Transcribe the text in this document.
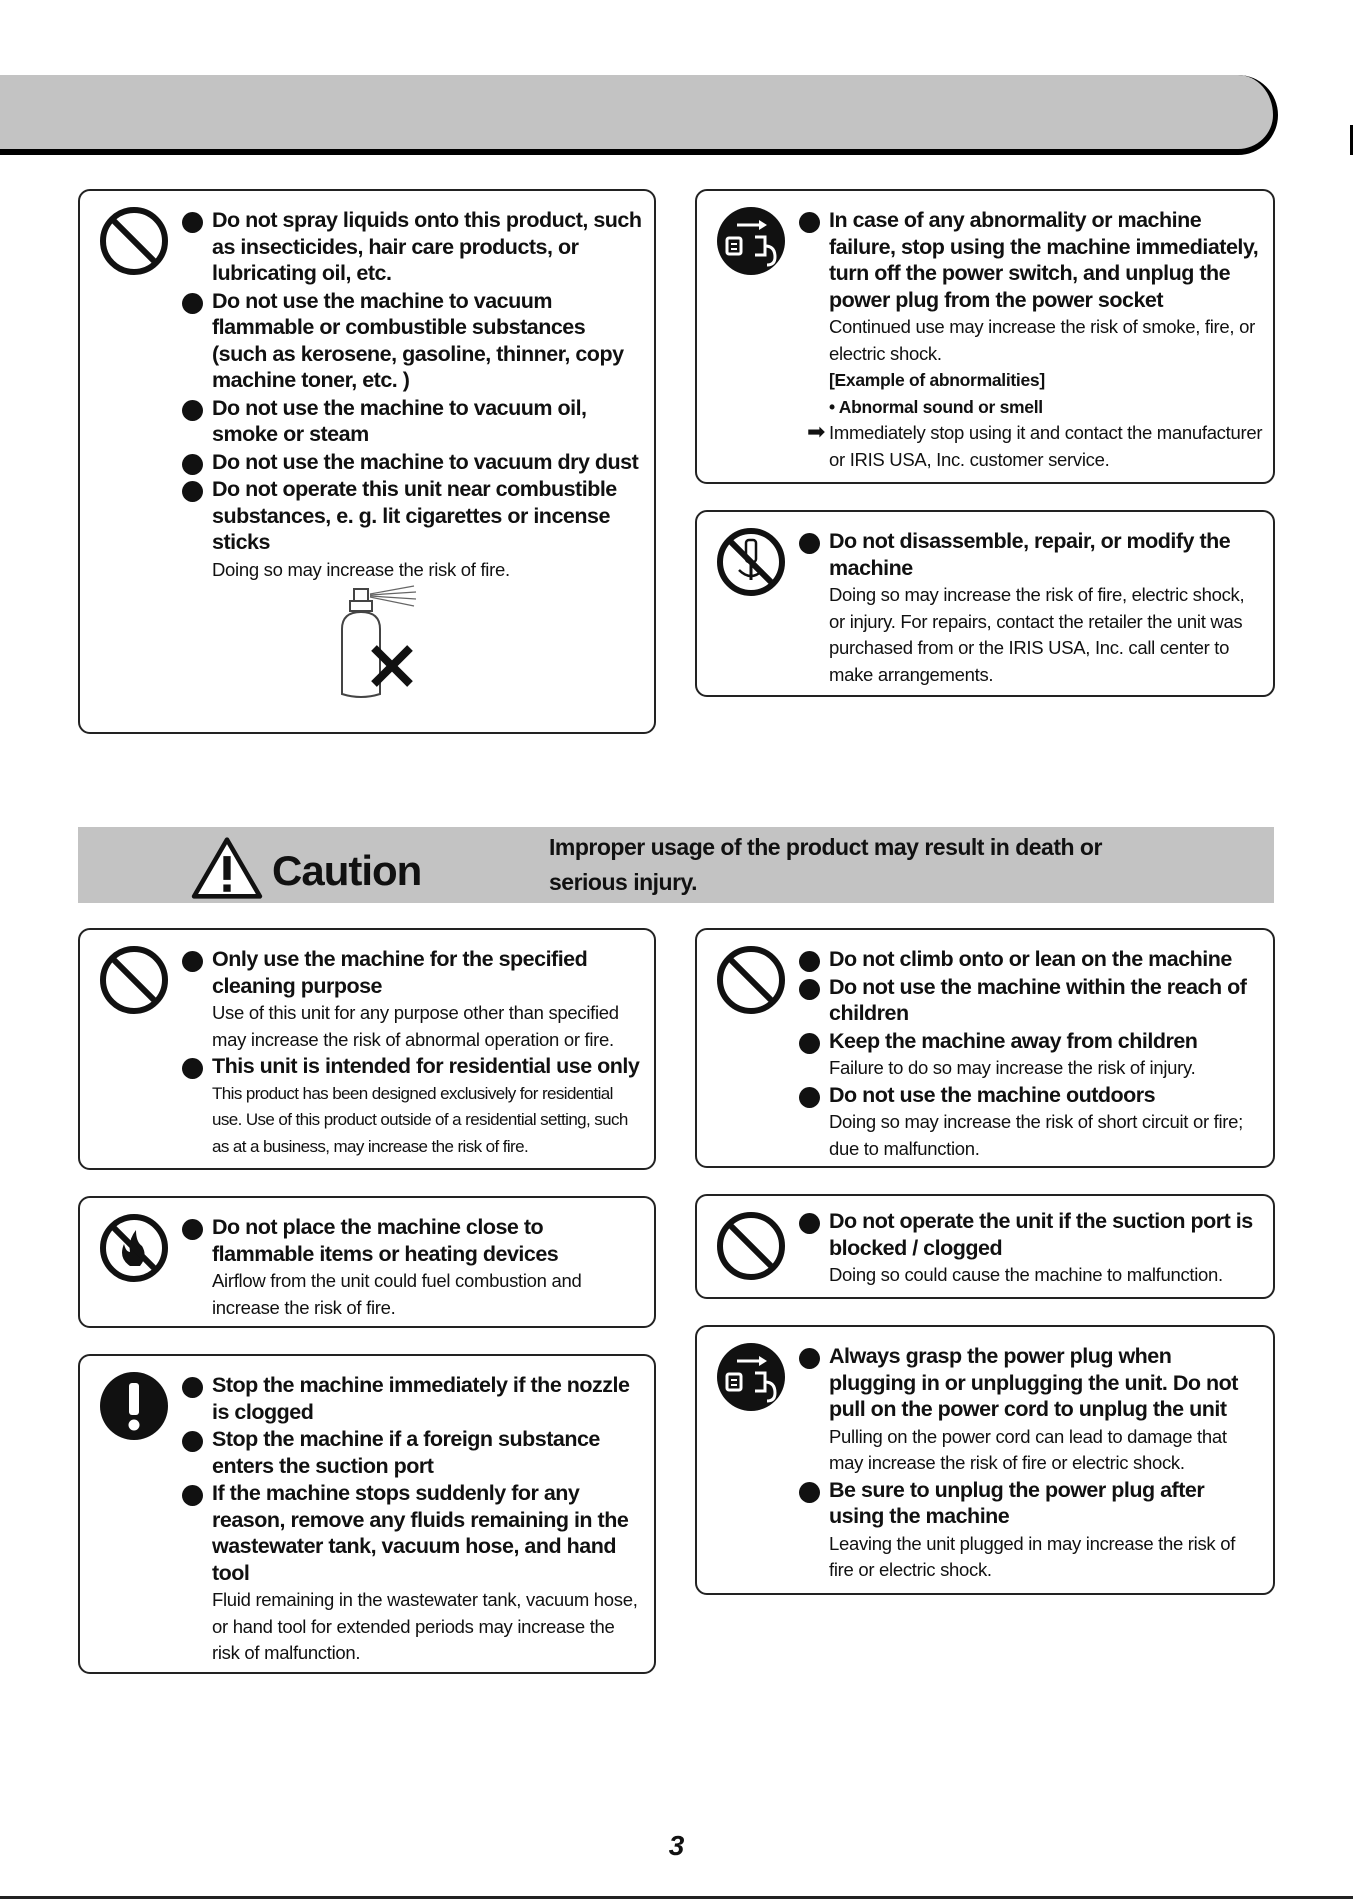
Do not spray liquids onto this product, such as insecticides, hair care products, or lubricating oil, etc.
Do not use the machine to vacuum flammable or combustible substances (such as kerosene, gasoline, thinner, copy machine toner, etc. )
Do not use the machine to vacuum oil, smoke or steam
Do not use the machine to vacuum dry dust
Do not operate this unit near combustible substances, e. g. lit cigarettes or incense sticks
Doing so may increase the risk of fire.
In case of any abnormality or machine failure, stop using the machine immediately, turn off the power switch, and unplug the power plug from the power socket
Continued use may increase the risk of smoke, fire, or electric shock.
[Example of abnormalities]
• Abnormal sound or smell
➡ Immediately stop using it and contact the manufacturer or IRIS USA, Inc. customer service.
Do not disassemble, repair, or modify the machine
Doing so may increase the risk of fire, electric shock, or injury. For repairs, contact the retailer the unit was purchased from or the IRIS USA, Inc. call center to make arrangements.
Caution	Improper usage of the product may result in death or serious injury.
Only use the machine for the specified cleaning purpose
Use of this unit for any purpose other than specified may increase the risk of abnormal operation or fire.
This unit is intended for residential use only
This product has been designed exclusively for residential use. Use of this product outside of a residential setting, such as at a business, may increase the risk of fire.
Do not climb onto or lean on the machine
Do not use the machine within the reach of children
Keep the machine away from children
Failure to do so may increase the risk of injury.
Do not use the machine outdoors
Doing so may increase the risk of short circuit or fire; due to malfunction.
Do not place the machine close to flammable items or heating devices
Airflow from the unit could fuel combustion and increase the risk of fire.
Do not operate the unit if the suction port is blocked / clogged
Doing so could cause the machine to malfunction.
Stop the machine immediately if the nozzle is clogged
Stop the machine if a foreign substance enters the suction port
If the machine stops suddenly for any reason, remove any fluids remaining in the wastewater tank, vacuum hose, and hand tool
Fluid remaining in the wastewater tank, vacuum hose, or hand tool for extended periods may increase the risk of malfunction.
Always grasp the power plug when plugging in or unplugging the unit. Do not pull on the power cord to unplug the unit
Pulling on the power cord can lead to damage that may increase the risk of fire or electric shock.
Be sure to unplug the power plug after using the machine
Leaving the unit plugged in may increase the risk of fire or electric shock.
3
